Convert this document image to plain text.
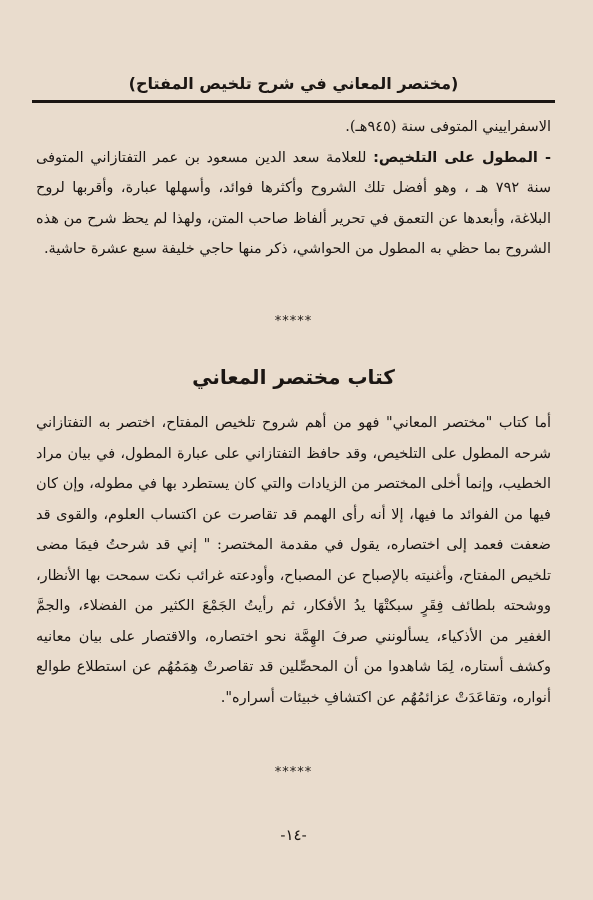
(مختصر المعاني في شرح تلخيص المفتاح)

الاسفراييني المتوفى سنة (٩٤٥هـ).

- المطول على التلخيص: للعلامة سعد الدين مسعود بن عمر التفتازاني المتوفى سنة ٧٩٢ هـ ، وهو أفضل تلك الشروح وأكثرها فوائد، وأسهلها عبارة، وأقربها لروح البلاغة، وأبعدها عن التعمق في تحرير ألفاظ صاحب المتن، ولهذا لم يحظ شرح من هذه الشروح بما حظي به المطول من الحواشي، ذكر منها حاجي خليفة سبع عشرة حاشية.

*****
كتاب مختصر المعاني

أما كتاب "مختصر المعاني" فهو من أهم شروح تلخيص المفتاح، اختصر به التفتازاني شرحه المطول على التلخيص، وقد حافظ التفتازاني على عبارة المطول، في بيان مراد الخطيب، وإنما أخلى المختصر من الزيادات والتي كان يستطرد بها في مطوله، وإن كان فيها من الفوائد ما فيها، إلا أنه رأى الهمم قد تقاصرت عن اكتساب العلوم، والقوى قد ضعفت فعمد إلى اختصاره، يقول في مقدمة المختصر: " إني قد شرحتُ فيمَا مضى تلخيص المفتاح، وأغنيته بالإصباح عن المصباح، وأودعته غرائب نكت سمحت بها الأنظار، ووشحته بلطائف فِقَرٍ سبكتْهَا يدُ الأفكار، ثم رأيتُ الجَمْعَ الكثير من الفضلاء، والجمَّ الغفير من الأذكياء، يسألونني صرفَ الهِمَّة نحو اختصاره، والاقتصار على بيان معانيه وكشف أستاره، لِمَا شاهدوا من أن المحصِّلين قد تقاصرتْ هِمَمُهُم عن استطلاع طوالع أنواره، وتقاعَدَتْ عزائمُهُم عن اكتشافِ خبيئات أسراره".

*****
-١٤-
